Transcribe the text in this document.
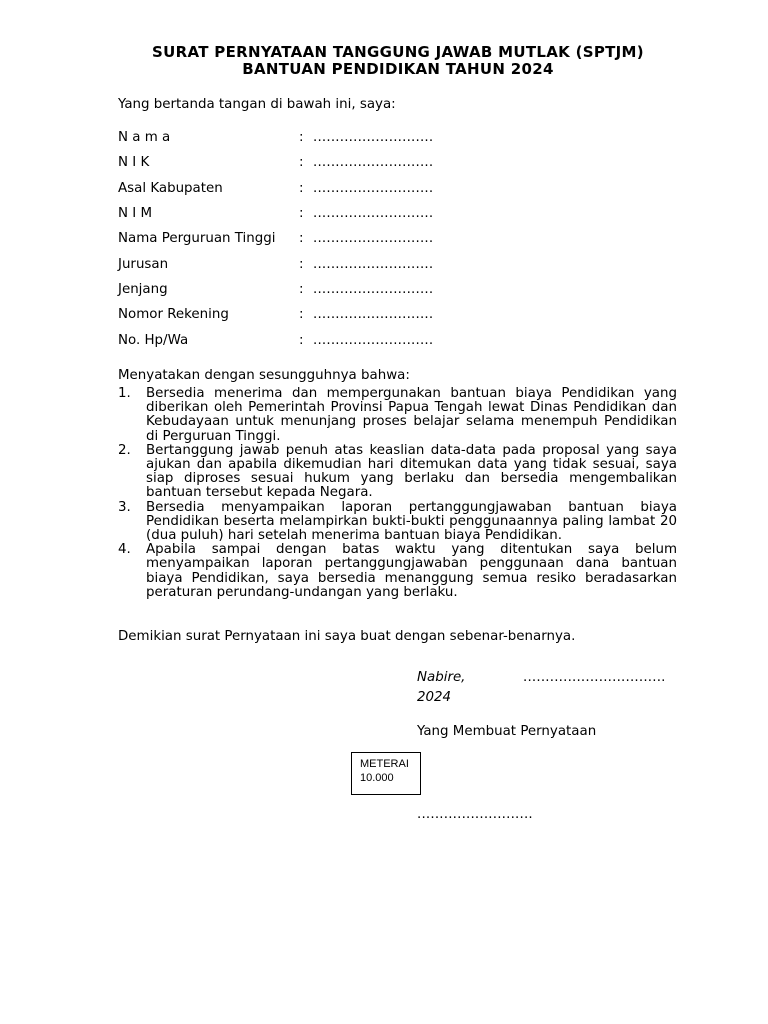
SURAT PERNYATAAN TANGGUNG JAWAB MUTLAK (SPTJM)
BANTUAN PENDIDIKAN TAHUN 2024
Yang bertanda tangan di bawah ini, saya:
N a m a	: ...........................
N I K	: ...........................
Asal Kabupaten	: ...........................
N I M	: ...........................
Nama Perguruan Tinggi : ...........................
Jurusan	: ...........................
Jenjang	: ...........................
Nomor Rekening	: ...........................
No. Hp/Wa	: ...........................
Menyatakan dengan sesungguhnya bahwa:
1. Bersedia menerima dan mempergunakan bantuan biaya Pendidikan yang diberikan oleh Pemerintah Provinsi Papua Tengah lewat Dinas Pendidikan dan Kebudayaan untuk menunjang proses belajar selama menempuh Pendidikan di Perguruan Tinggi.
2. Bertanggung jawab penuh atas keaslian data-data pada proposal yang saya ajukan dan apabila dikemudian hari ditemukan data yang tidak sesuai, saya siap diproses sesuai hukum yang berlaku dan bersedia mengembalikan bantuan tersebut kepada Negara.
3. Bersedia menyampaikan laporan pertanggungjawaban bantuan biaya Pendidikan beserta melampirkan bukti-bukti penggunaannya paling lambat 20 (dua puluh) hari setelah menerima bantuan biaya Pendidikan.
4. Apabila sampai dengan batas waktu yang ditentukan saya belum menyampaikan laporan pertanggungjawaban penggunaan dana bantuan biaya Pendidikan, saya bersedia menanggung semua resiko beradasarkan peraturan perundang-undangan yang berlaku.
Demikian surat Pernyataan ini saya buat dengan sebenar-benarnya.
Nabire,	................................
2024
Yang Membuat Pernyataan
METERAI
10.000
..........................
